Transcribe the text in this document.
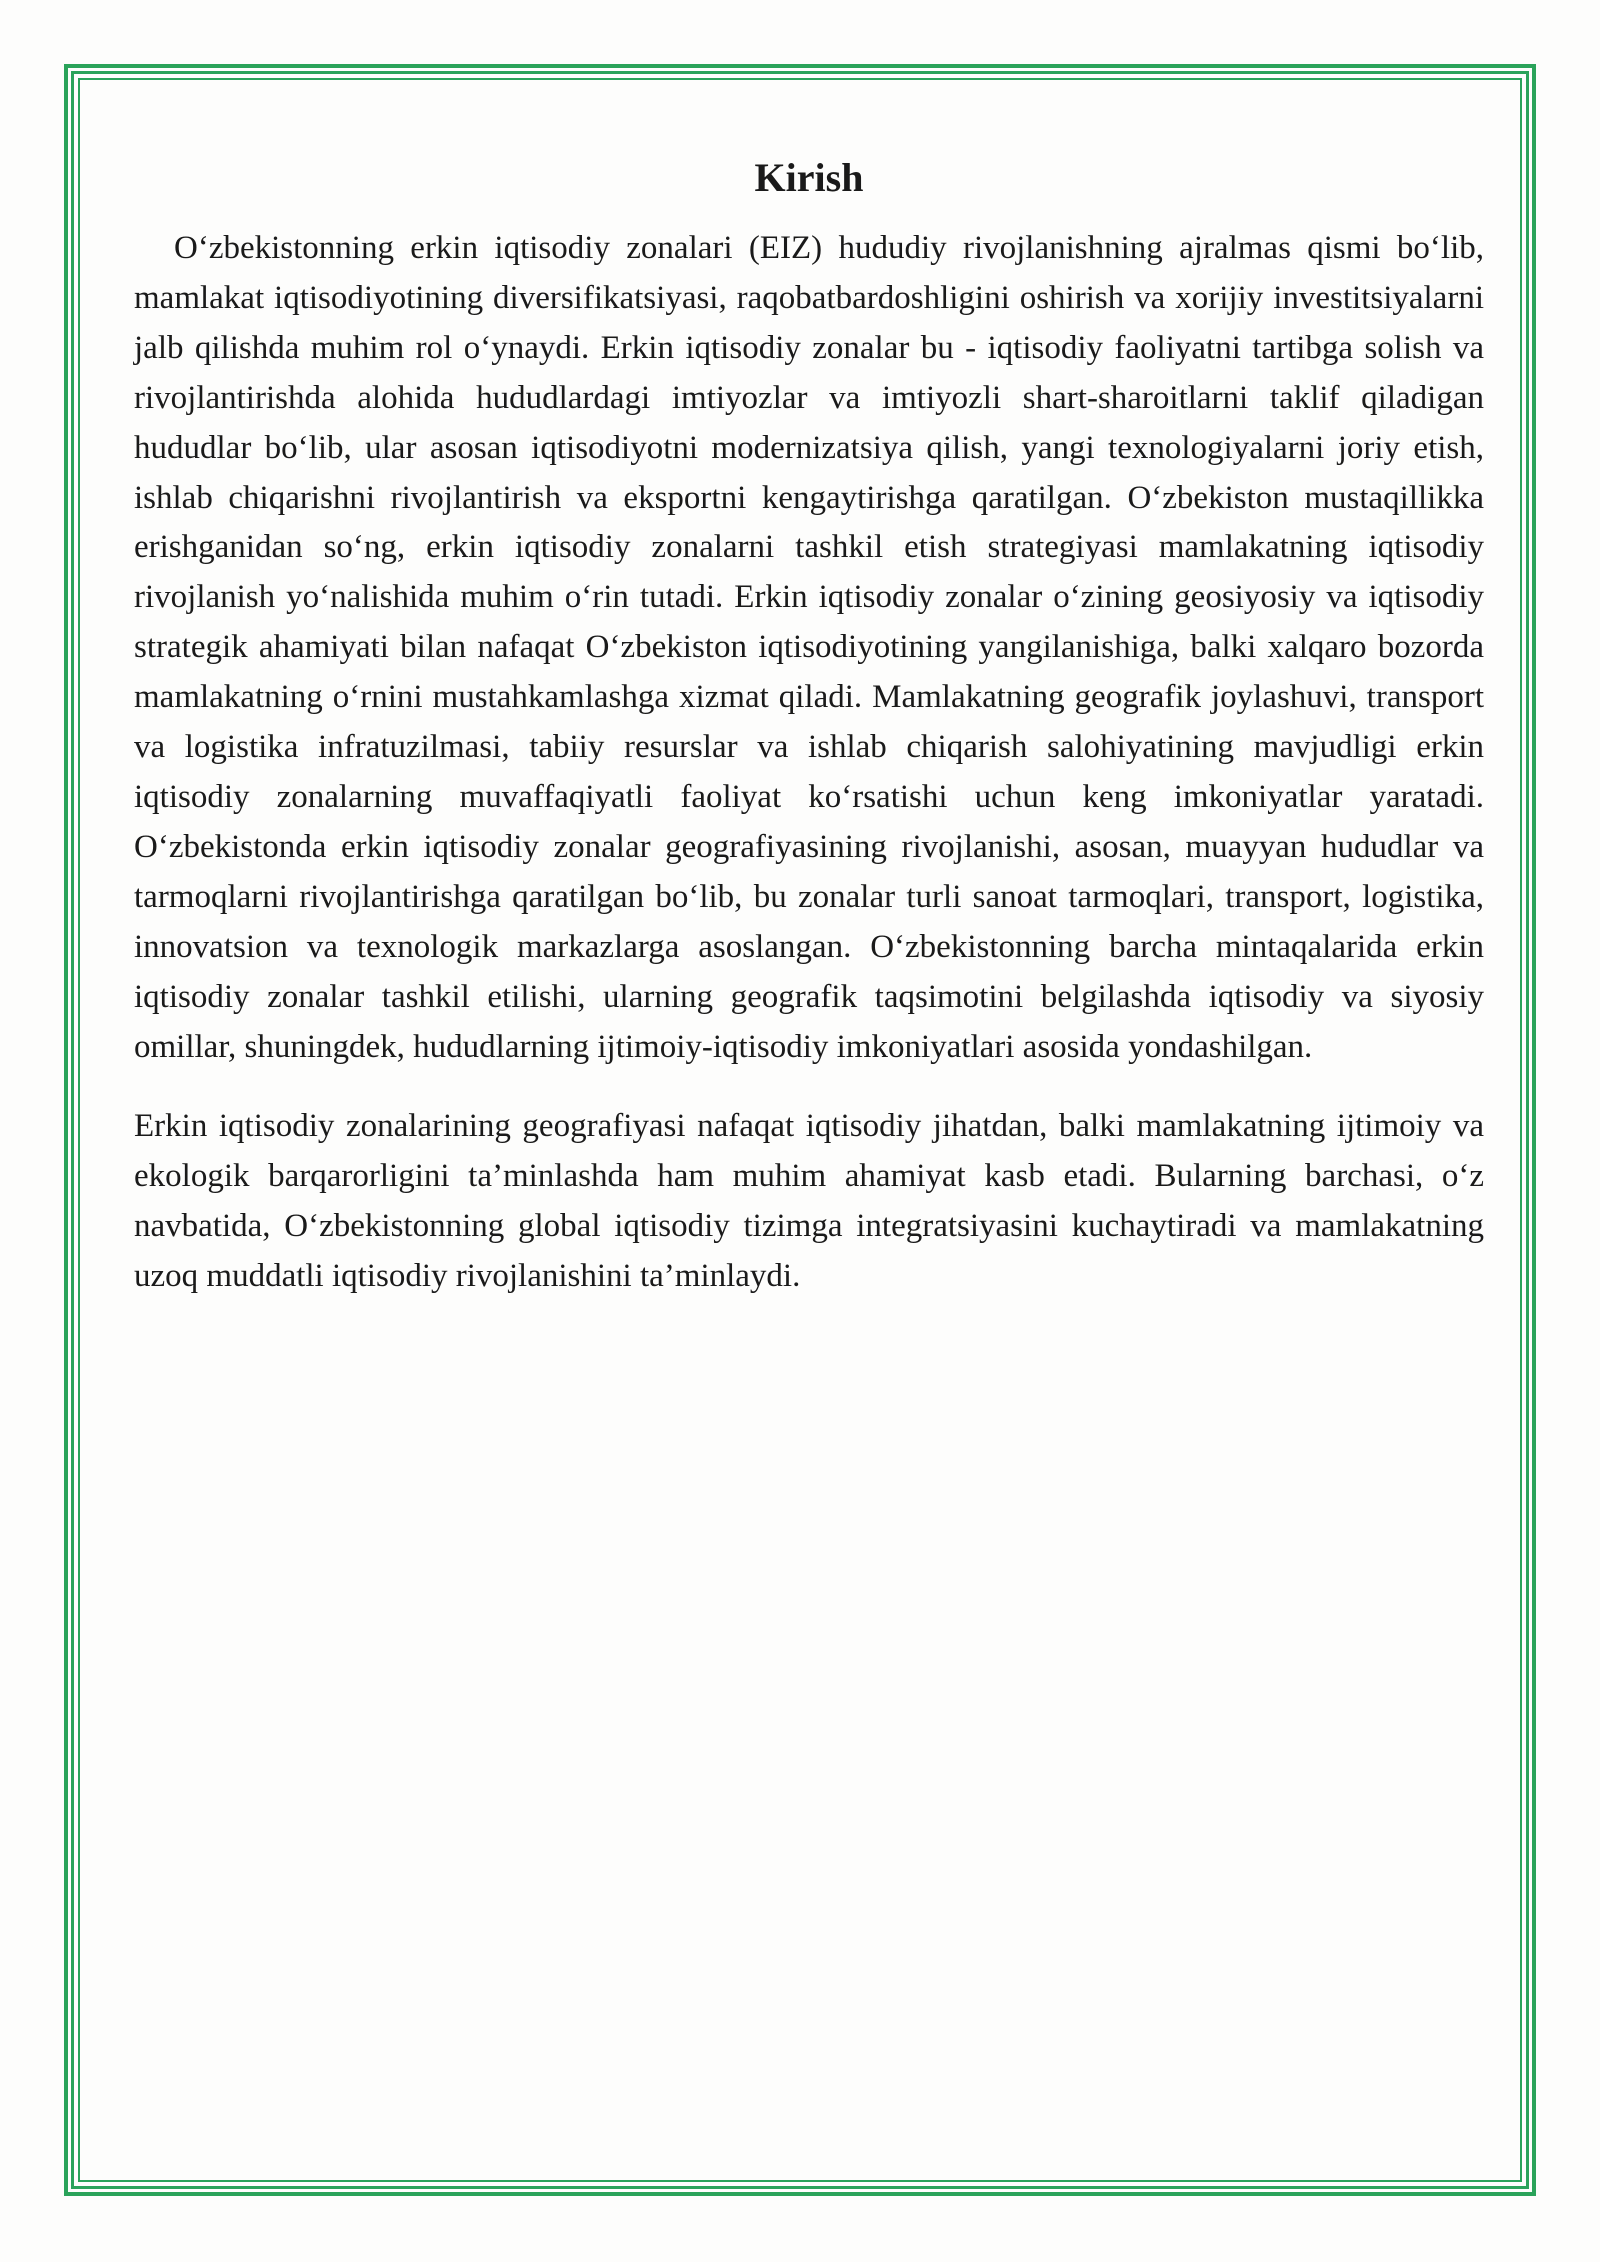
Kirish

O‘zbekistonning erkin iqtisodiy zonalari (EIZ) hududiy rivojlanishning ajralmas qismi bo‘lib, mamlakat iqtisodiyotining diversifikatsiyasi, raqobatbardoshligini oshirish va xorijiy investitsiyalarni jalb qilishda muhim rol o‘ynaydi. Erkin iqtisodiy zonalar bu - iqtisodiy faoliyatni tartibga solish va rivojlantirishda alohida hududlardagi imtiyozlar va imtiyozli shart-sharoitlarni taklif qiladigan hududlar bo‘lib, ular asosan iqtisodiyotni modernizatsiya qilish, yangi texnologiyalarni joriy etish, ishlab chiqarishni rivojlantirish va eksportni kengaytirishga qaratilgan. O‘zbekiston mustaqillikka erishganidan so‘ng, erkin iqtisodiy zonalarni tashkil etish strategiyasi mamlakatning iqtisodiy rivojlanish yo‘nalishida muhim o‘rin tutadi. Erkin iqtisodiy zonalar o‘zining geosiyosiy va iqtisodiy strategik ahamiyati bilan nafaqat O‘zbekiston iqtisodiyotining yangilanishiga, balki xalqaro bozorda mamlakatning o‘rnini mustahkamlashga xizmat qiladi. Mamlakatning geografik joylashuvi, transport va logistika infratuzilmasi, tabiiy resurslar va ishlab chiqarish salohiyatining mavjudligi erkin iqtisodiy zonalarning muvaffaqiyatli faoliyat ko‘rsatishi uchun keng imkoniyatlar yaratadi. O‘zbekistonda erkin iqtisodiy zonalar geografiyasining rivojlanishi, asosan, muayyan hududlar va tarmoqlarni rivojlantirishga qaratilgan bo‘lib, bu zonalar turli sanoat tarmoqlari, transport, logistika, innovatsion va texnologik markazlarga asoslangan. O‘zbekistonning barcha mintaqalarida erkin iqtisodiy zonalar tashkil etilishi, ularning geografik taqsimotini belgilashda iqtisodiy va siyosiy omillar, shuningdek, hududlarning ijtimoiy-iqtisodiy imkoniyatlari asosida yondashilgan.

Erkin iqtisodiy zonalarining geografiyasi nafaqat iqtisodiy jihatdan, balki mamlakatning ijtimoiy va ekologik barqarorligini ta’minlashda ham muhim ahamiyat kasb etadi. Bularning barchasi, o‘z navbatida, O‘zbekistonning global iqtisodiy tizimga integratsiyasini kuchaytiradi va mamlakatning uzoq muddatli iqtisodiy rivojlanishini ta’minlaydi.
